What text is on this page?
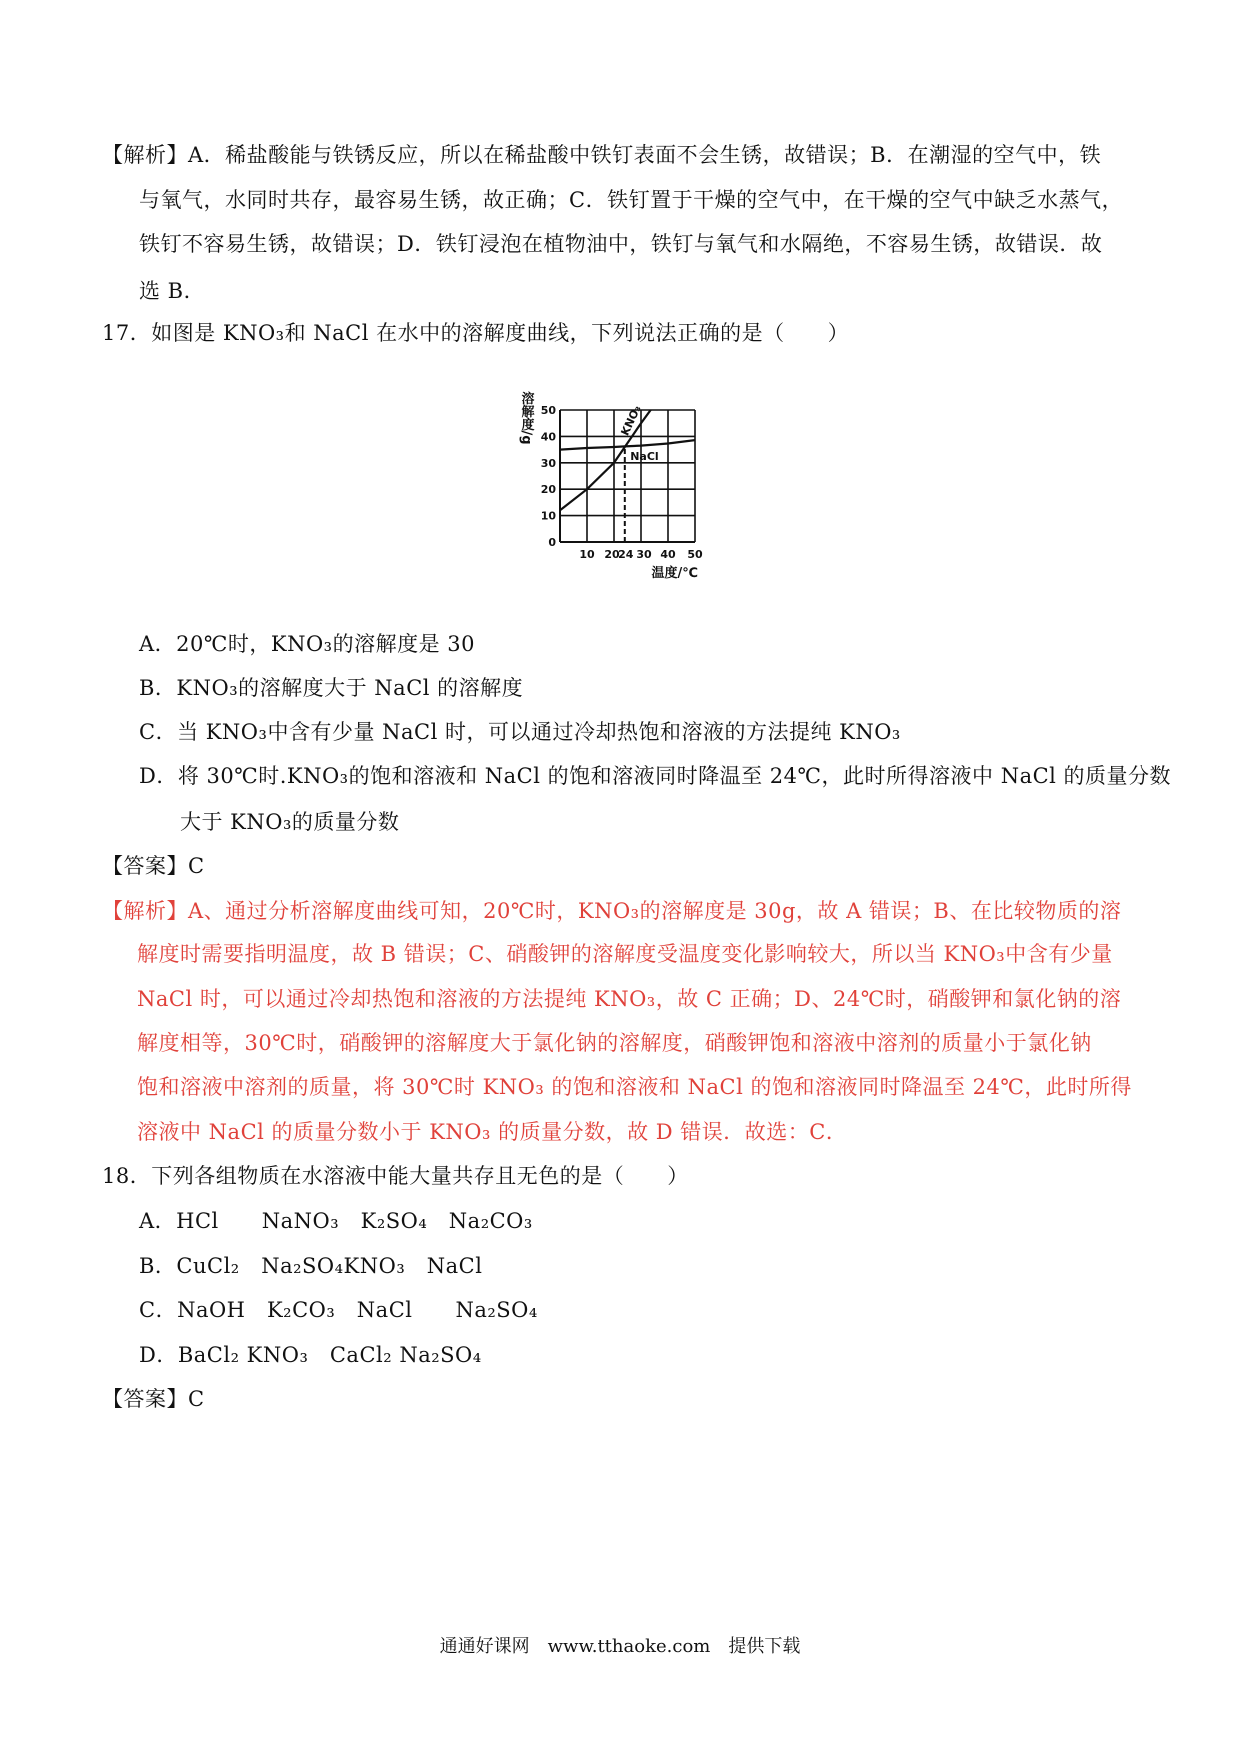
【解析】A．稀盐酸能与铁锈反应，所以在稀盐酸中铁钉表面不会生锈，故错误；B．在潮湿的空气中，铁
与氧气，水同时共存，最容易生锈，故正确；C．铁钉置于干燥的空气中，在干燥的空气中缺乏水蒸气，
铁钉不容易生锈，故错误；D．铁钉浸泡在植物油中，铁钉与氧气和水隔绝，不容易生锈，故错误．故
选 B．
17．如图是 KNO₃和 NaCl 在水中的溶解度曲线，下列说法正确的是（　　）
KNO₃
NaCl
0
10
20
30
40
50
10 20
24 30 40 50
温度/℃
溶解度/g
A．20℃时，KNO₃的溶解度是 30
B．KNO₃的溶解度大于 NaCl 的溶解度
C．当 KNO₃中含有少量 NaCl 时，可以通过冷却热饱和溶液的方法提纯 KNO₃
D．将 30℃时.KNO₃的饱和溶液和 NaCl 的饱和溶液同时降温至 24℃，此时所得溶液中 NaCl 的质量分数
大于 KNO₃的质量分数
【答案】C
【解析】A、通过分析溶解度曲线可知，20℃时，KNO₃的溶解度是 30g，故 A 错误；B、在比较物质的溶
解度时需要指明温度，故 B 错误；C、硝酸钾的溶解度受温度变化影响较大，所以当 KNO₃中含有少量
NaCl 时，可以通过冷却热饱和溶液的方法提纯 KNO₃，故 C 正确；D、24℃时，硝酸钾和氯化钠的溶
解度相等，30℃时，硝酸钾的溶解度大于氯化钠的溶解度，硝酸钾饱和溶液中溶剂的质量小于氯化钠
饱和溶液中溶剂的质量，将 30℃时 KNO₃ 的饱和溶液和 NaCl 的饱和溶液同时降温至 24℃，此时所得
溶液中 NaCl 的质量分数小于 KNO₃ 的质量分数，故 D 错误．故选：C．
18．下列各组物质在水溶液中能大量共存且无色的是（　　）
A．HCl　　NaNO₃　K₂SO₄　Na₂CO₃
B．CuCl₂　Na₂SO₄KNO₃　NaCl
C．NaOH　K₂CO₃　NaCl　　Na₂SO₄
D．BaCl₂ KNO₃　CaCl₂ Na₂SO₄
【答案】C
通通好课网　www.tthaoke.com　提供下载
